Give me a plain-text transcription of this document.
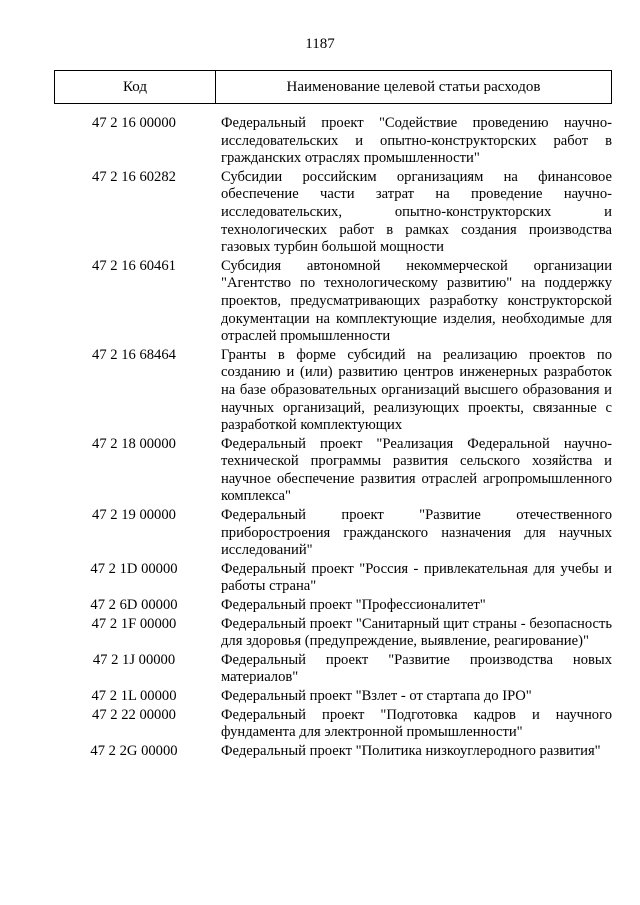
1187
Код	Наименование целевой статьи расходов
47 2 16 00000	Федеральный проект "Содействие проведению научно-исследовательских и опытно-конструкторских работ в гражданских отраслях промышленности"
47 2 16 60282	Субсидии российским организациям на финансовое обеспечение части затрат на проведение научно-исследовательских, опытно-конструкторских и технологических работ в рамках создания производства газовых турбин большой мощности
47 2 16 60461	Субсидия автономной некоммерческой организации "Агентство по технологическому развитию" на поддержку проектов, предусматривающих разработку конструкторской документации на комплектующие изделия, необходимые для отраслей промышленности
47 2 16 68464	Гранты в форме субсидий на реализацию проектов по созданию и (или) развитию центров инженерных разработок на базе образовательных организаций высшего образования и научных организаций, реализующих проекты, связанные с разработкой комплектующих
47 2 18 00000	Федеральный проект "Реализация Федеральной научно-технической программы развития сельского хозяйства и научное обеспечение развития отраслей агропромышленного комплекса"
47 2 19 00000	Федеральный проект "Развитие отечественного приборостроения гражданского назначения для научных исследований"
47 2 1D 00000	Федеральный проект "Россия - привлекательная для учебы и работы страна"
47 2 6D 00000	Федеральный проект "Профессионалитет"
47 2 1F 00000	Федеральный проект "Санитарный щит страны - безопасность для здоровья (предупреждение, выявление, реагирование)"
47 2 1J 00000	Федеральный проект "Развитие производства новых материалов"
47 2 1L 00000	Федеральный проект "Взлет - от стартапа до IPO"
47 2 22 00000	Федеральный проект "Подготовка кадров и научного фундамента для электронной промышленности"
47 2 2G 00000	Федеральный проект "Политика низкоуглеродного развития"
